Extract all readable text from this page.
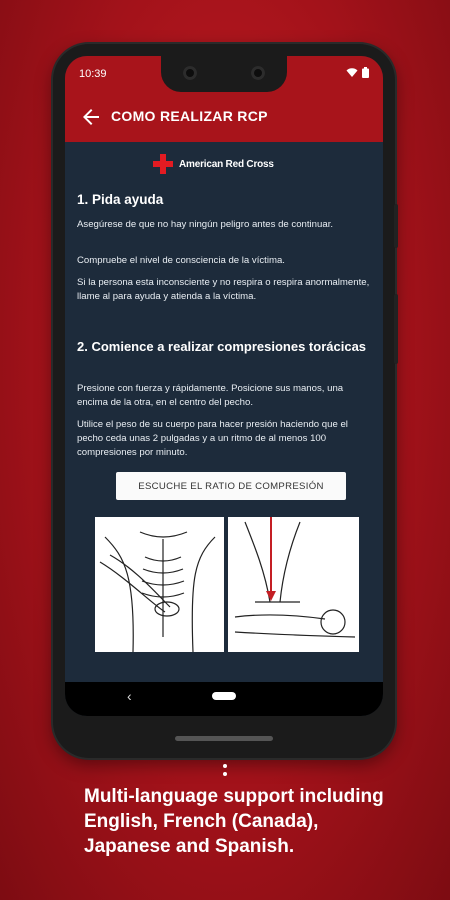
10:39
COMO REALIZAR RCP
American Red Cross
1. Pida ayuda

Asegúrese de que no hay ningún peligro antes de continuar.

Compruebe el nivel de consciencia de la víctima.

Si la persona esta inconsciente y no respira o respira anormalmente, llame al para ayuda y atienda a la víctima.

2. Comience a realizar compresiones torácicas

Presione con fuerza y rápidamente. Posicione sus manos, una encima de la otra, en el centro del pecho.

Utilice el peso de su cuerpo para hacer presión haciendo que el pecho ceda unas 2 pulgadas y a un ritmo de al menos 100 compresiones por minuto.

ESCUCHE EL RATIO DE COMPRESIÓN
‹

Multi-language support including
English, French (Canada),
Japanese and Spanish.
